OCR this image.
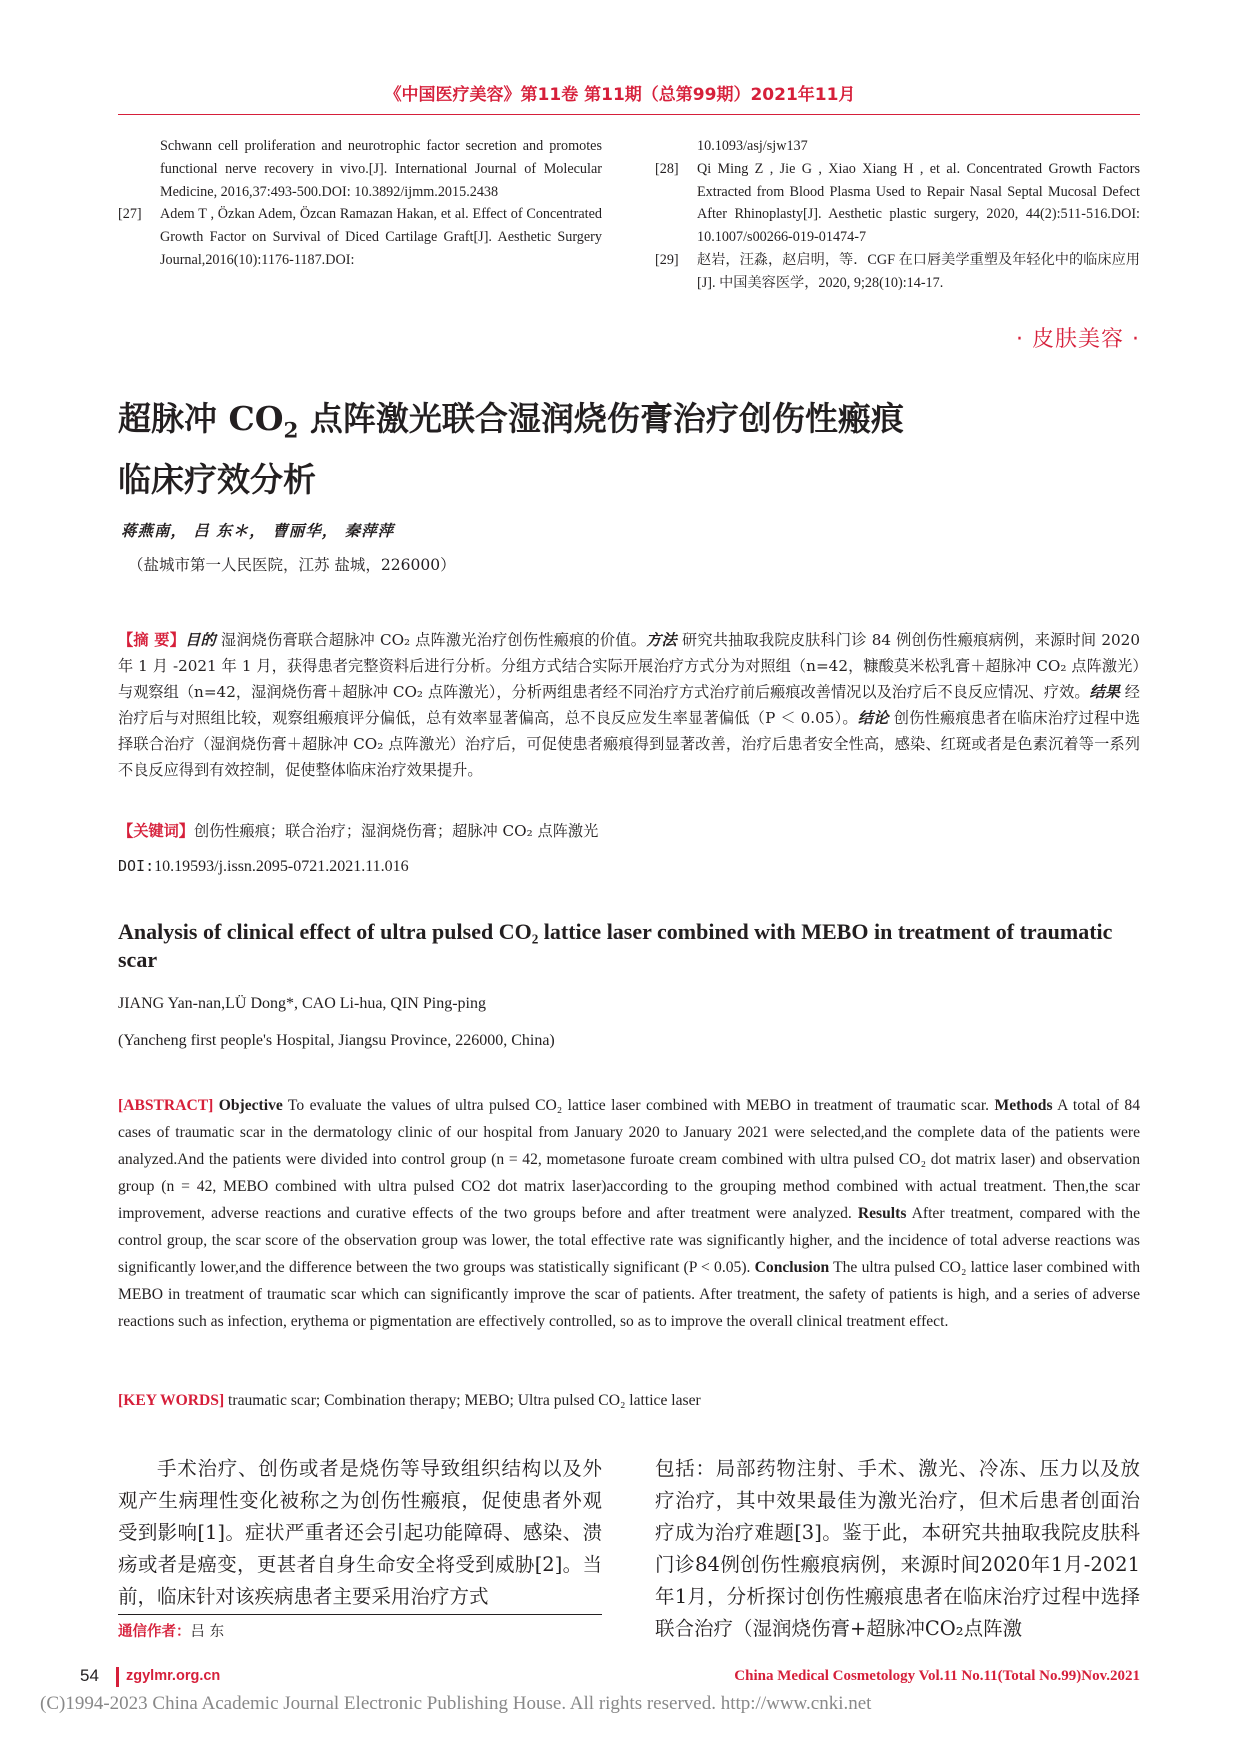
《中国医疗美容》第11卷 第11期（总第99期）2021年11月
Schwann cell proliferation and neurotrophic factor secretion and promotes functional nerve recovery in vivo.[J]. International Journal of Molecular Medicine, 2016,37:493-500.DOI: 10.3892/ijmm.2015.2438
[27] Adem T , Özkan Adem, Özcan Ramazan Hakan, et al. Effect of Concentrated Growth Factor on Survival of Diced Cartilage Graft[J]. Aesthetic Surgery Journal,2016(10):1176-1187.DOI:
10.1093/asj/sjw137
[28] Qi Ming Z , Jie G , Xiao Xiang H , et al. Concentrated Growth Factors Extracted from Blood Plasma Used to Repair Nasal Septal Mucosal Defect After Rhinoplasty[J]. Aesthetic plastic surgery, 2020, 44(2):511-516.DOI: 10.1007/s00266-019-01474-7
[29] 赵岩，汪淼，赵启明，等．CGF 在口唇美学重塑及年轻化中的临床应用 [J]. 中国美容医学，2020, 9;28(10):14-17.
· 皮肤美容 ·
超脉冲 $CO_2$ 点阵激光联合湿润烧伤膏治疗创伤性瘢痕
临床疗效分析
蒋燕南， 吕 东＊， 曹丽华， 秦萍萍
（盐城市第一人民医院，江苏 盐城，226000）
【摘 要】目的 湿润烧伤膏联合超脉冲 CO₂ 点阵激光治疗创伤性瘢痕的价值。方法 研究共抽取我院皮肤科门诊 84 例创伤性瘢痕病例，来源时间 2020 年 1 月 -2021 年 1 月，获得患者完整资料后进行分析。分组方式结合实际开展治疗方式分为对照组（n=42，糠酸莫米松乳膏＋超脉冲 CO₂ 点阵激光）与观察组（n=42，湿润烧伤膏＋超脉冲 CO₂ 点阵激光），分析两组患者经不同治疗方式治疗前后瘢痕改善情况以及治疗后不良反应情况、疗效。结果 经治疗后与对照组比较，观察组瘢痕评分偏低，总有效率显著偏高，总不良反应发生率显著偏低（P ＜ 0.05）。结论 创伤性瘢痕患者在临床治疗过程中选择联合治疗（湿润烧伤膏＋超脉冲 CO₂ 点阵激光）治疗后，可促使患者瘢痕得到显著改善，治疗后患者安全性高，感染、红斑或者是色素沉着等一系列不良反应得到有效控制，促使整体临床治疗效果提升。
【关键词】创伤性瘢痕；联合治疗；湿润烧伤膏；超脉冲 CO₂ 点阵激光
DOI:10.19593/j.issn.2095-0721.2021.11.016
Analysis of clinical effect of ultra pulsed CO₂ lattice laser combined with MEBO in treatment of traumatic scar
JIANG Yan-nan,LÜ Dong*, CAO Li-hua, QIN Ping-ping
(Yancheng first people's Hospital, Jiangsu Province, 226000, China)
[ABSTRACT] Objective To evaluate the values of ultra pulsed CO₂ lattice laser combined with MEBO in treatment of traumatic scar. Methods A total of 84 cases of traumatic scar in the dermatology clinic of our hospital from January 2020 to January 2021 were selected,and the complete data of the patients were analyzed.And the patients were divided into control group (n = 42, mometasone furoate cream combined with ultra pulsed CO₂ dot matrix laser) and observation group (n = 42, MEBO combined with ultra pulsed CO2 dot matrix laser)according to the grouping method combined with actual treatment. Then,the scar improvement, adverse reactions and curative effects of the two groups before and after treatment were analyzed. Results After treatment, compared with the control group, the scar score of the observation group was lower, the total effective rate was significantly higher, and the incidence of total adverse reactions was significantly lower,and the difference between the two groups was statistically significant (P < 0.05). Conclusion The ultra pulsed CO₂ lattice laser combined with MEBO in treatment of traumatic scar which can significantly improve the scar of patients. After treatment, the safety of patients is high, and a series of adverse reactions such as infection, erythema or pigmentation are effectively controlled, so as to improve the overall clinical treatment effect.
[KEY WORDS] traumatic scar; Combination therapy; MEBO; Ultra pulsed CO₂ lattice laser
手术治疗、创伤或者是烧伤等导致组织结构以及外观产生病理性变化被称之为创伤性瘢痕，促使患者外观受到影响[1]。症状严重者还会引起功能障碍、感染、溃疡或者是癌变，更甚者自身生命安全将受到威胁[2]。当前，临床针对该疾病患者主要采用治疗方式
包括：局部药物注射、手术、激光、冷冻、压力以及放疗治疗，其中效果最佳为激光治疗，但术后患者创面治疗成为治疗难题[3]。鉴于此，本研究共抽取我院皮肤科门诊84例创伤性瘢痕病例，来源时间2020年1月-2021年1月，分析探讨创伤性瘢痕患者在临床治疗过程中选择联合治疗（湿润烧伤膏+超脉冲CO₂点阵激
通信作者：吕 东
54 zgylmr.org.cn	China Medical Cosmetology Vol.11 No.11(Total No.99)Nov.2021
(C)1994-2023 China Academic Journal Electronic Publishing House. All rights reserved. http://www.cnki.net
